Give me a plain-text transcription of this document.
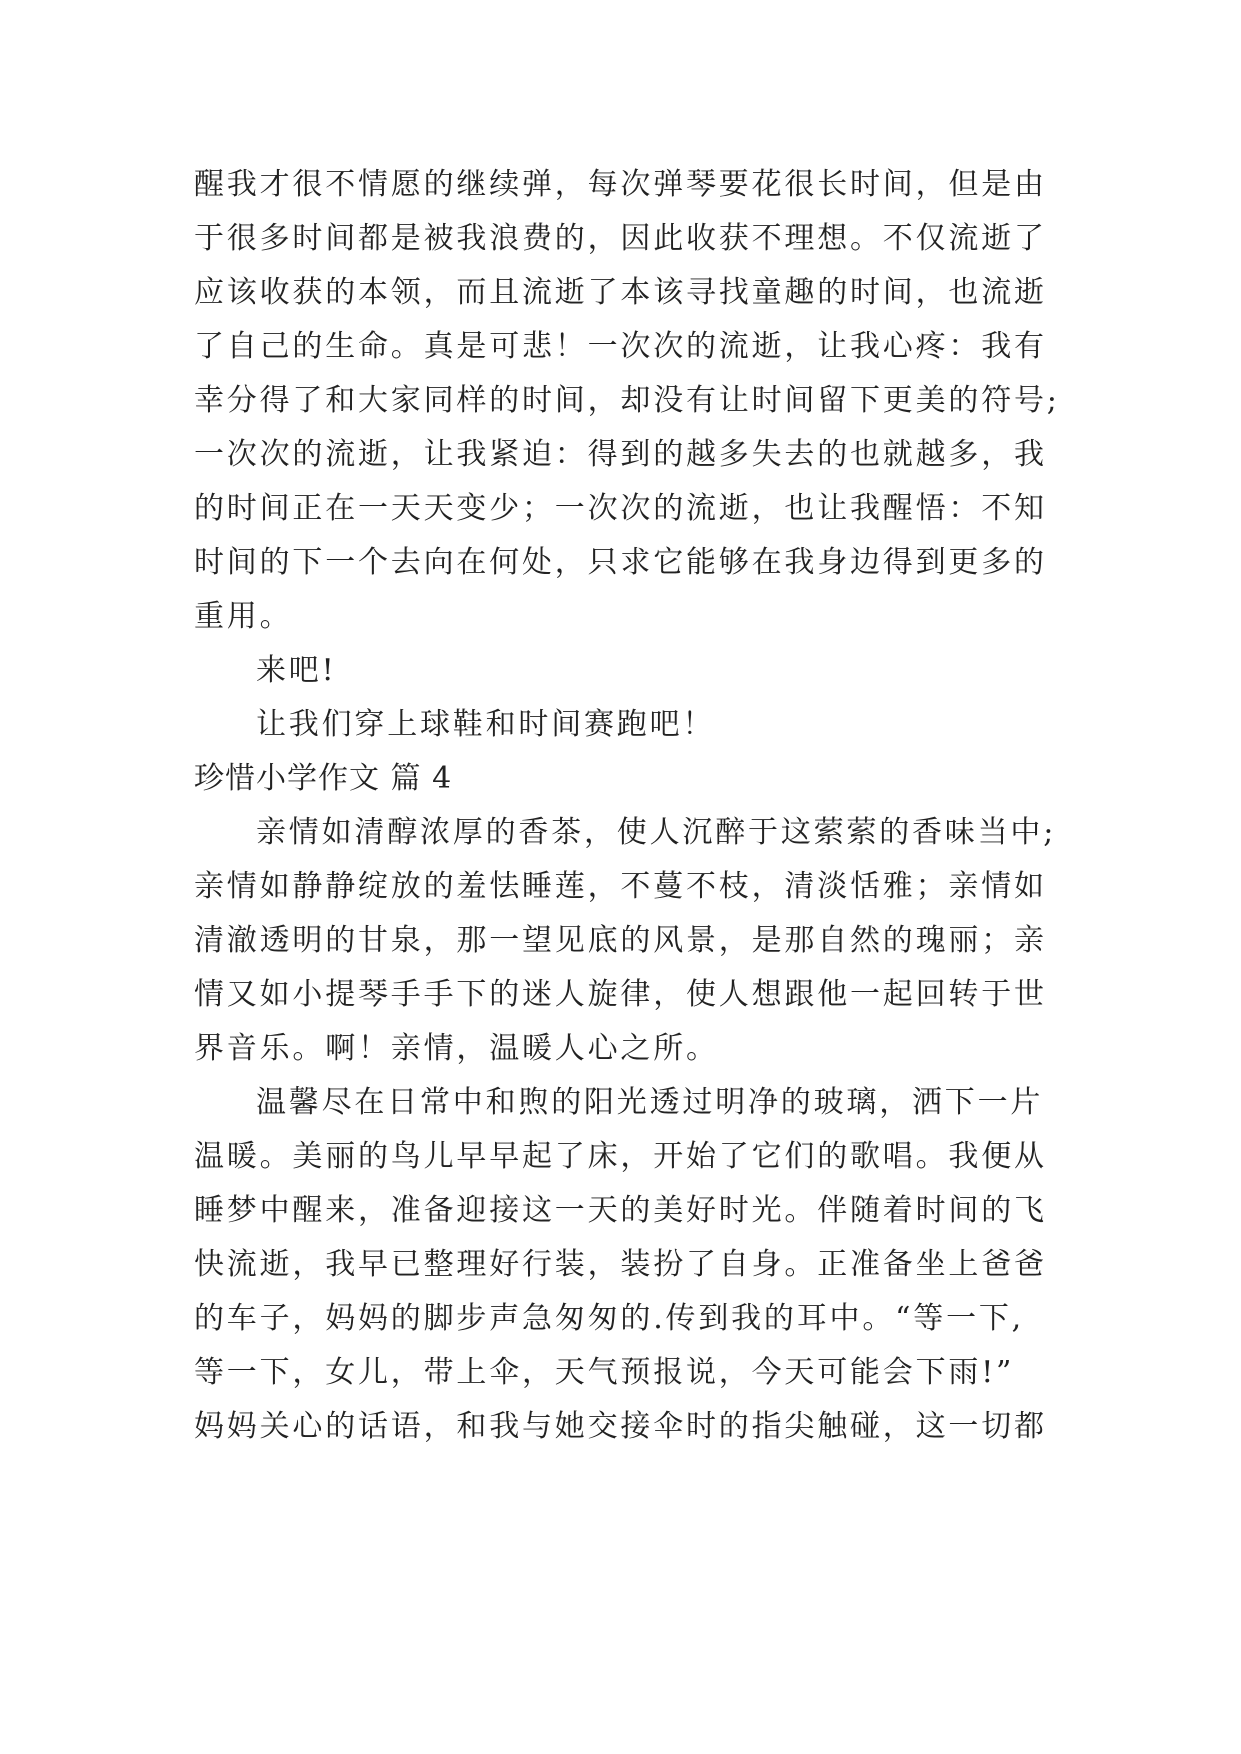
醒我才很不情愿的继续弹，每次弹琴要花很长时间，但是由
于很多时间都是被我浪费的，因此收获不理想。不仅流逝了
应该收获的本领，而且流逝了本该寻找童趣的时间，也流逝
了自己的生命。真是可悲！一次次的流逝，让我心疼：我有
幸分得了和大家同样的时间，却没有让时间留下更美的符号;
一次次的流逝，让我紧迫：得到的越多失去的也就越多，我
的时间正在一天天变少；一次次的流逝，也让我醒悟：不知
时间的下一个去向在何处，只求它能够在我身边得到更多的
重用。
来吧!
让我们穿上球鞋和时间赛跑吧！
珍惜小学作文 篇 4
亲情如清醇浓厚的香茶，使人沉醉于这萦萦的香味当中;
亲情如静静绽放的羞怯睡莲，不蔓不枝，清淡恬雅；亲情如
清澈透明的甘泉，那一望见底的风景，是那自然的瑰丽；亲
情又如小提琴手手下的迷人旋律，使人想跟他一起回转于世
界音乐。啊！亲情，温暖人心之所。
温馨尽在日常中和煦的阳光透过明净的玻璃，洒下一片
温暖。美丽的鸟儿早早起了床，开始了它们的歌唱。我便从
睡梦中醒来，准备迎接这一天的美好时光。伴随着时间的飞
快流逝，我早已整理好行装，装扮了自身。正准备坐上爸爸
的车子，妈妈的脚步声急匆匆的.传到我的耳中。“等一下,
等一下，女儿，带上伞，天气预报说，今天可能会下雨!”
妈妈关心的话语，和我与她交接伞时的指尖触碰，这一切都
